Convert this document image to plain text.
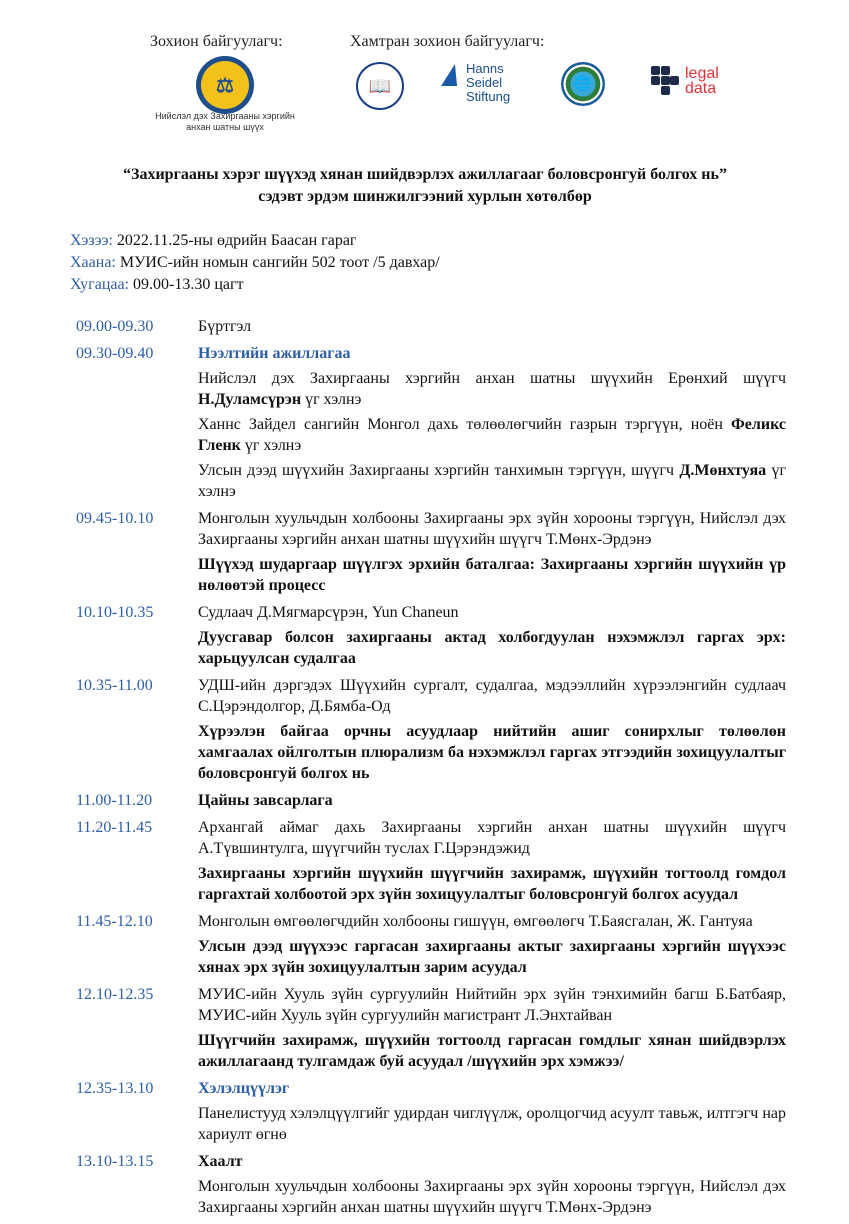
Зохион байгуулагч:	Хамтран зохион байгуулагч:
⚖
Нийслэл дэх Захиргааны хэргийн анхан шатны шүүх
📖
Hanns
Seidel
Stiftung
🌐
legal
data
“Захиргааны хэрэг шүүхэд хянан шийдвэрлэх ажиллагааг боловсронгуй болгох нь”
сэдэвт эрдэм шинжилгээний хурлын хөтөлбөр
Хэзээ: 2022.11.25-ны өдрийн Баасан гараг
Хаана: МУИС-ийн номын сангийн 502 тоот /5 давхар/
Хугацаа: 09.00-13.30 цагт
09.00-09.30	Бүртгэл

09.30-09.40	Нээлтийн ажиллагаа

Нийслэл дэх Захиргааны хэргийн анхан шатны шүүхийн Ерөнхий шүүгч Н.Дуламсүрэн үг хэлнэ

Ханнс Зайдел сангийн Монгол дахь төлөөлөгчийн газрын тэргүүн, ноён Феликс Гленк үг хэлнэ

Улсын дээд шүүхийн Захиргааны хэргийн танхимын тэргүүн, шүүгч Д.Мөнхтуяа үг хэлнэ

09.45-10.10	Монголын хуульчдын холбооны Захиргааны эрх зүйн хорооны тэргүүн, Нийслэл дэх Захиргааны хэргийн анхан шатны шүүхийн шүүгч Т.Мөнх-Эрдэнэ

Шүүхэд шударгаар шүүлгэх эрхийн баталгаа: Захиргааны хэргийн шүүхийн үр нөлөөтэй процесс

10.10-10.35	Судлаач Д.Мягмарсүрэн, Yun Chaneun

Дуусгавар болсон захиргааны актад холбогдуулан нэхэмжлэл гаргах эрх: харьцуулсан судалгаа

10.35-11.00	УДШ-ийн дэргэдэх Шүүхийн сургалт, судалгаа, мэдээллийн хүрээлэнгийн судлаач С.Цэрэндолгор, Д.Бямба-Од

Хүрээлэн байгаа орчны асуудлаар нийтийн ашиг сонирхлыг төлөөлөн хамгаалах ойлголтын плюрализм ба нэхэмжлэл гаргах этгээдийн зохицуулалтыг боловсронгуй болгох нь

11.00-11.20	Цайны завсарлага

11.20-11.45	Архангай аймаг дахь Захиргааны хэргийн анхан шатны шүүхийн шүүгч А.Түвшинтулга, шүүгчийн туслах Г.Цэрэндэжид

Захиргааны хэргийн шүүхийн шүүгчийн захирамж, шүүхийн тогтоолд гомдол гаргахтай холбоотой эрх зүйн зохицуулалтыг боловсронгуй болгох асуудал

11.45-12.10	Монголын өмгөөлөгчдийн холбооны гишүүн, өмгөөлөгч Т.Баясгалан, Ж. Гантуяа

Улсын дээд шүүхээс гаргасан захиргааны актыг захиргааны хэргийн шүүхээс хянах эрх зүйн зохицуулалтын зарим асуудал

12.10-12.35	МУИС-ийн Хууль зүйн сургуулийн Нийтийн эрх зүйн тэнхимийн багш Б.Батбаяр, МУИС-ийн Хууль зүйн сургуулийн магистрант Л.Энхтайван

Шүүгчийн захирамж, шүүхийн тогтоолд гаргасан гомдлыг хянан шийдвэрлэх ажиллагаанд тулгамдаж буй асуудал /шүүхийн эрх хэмжээ/

12.35-13.10	Хэлэлцүүлэг

Панелистууд хэлэлцүүлгийг удирдан чиглүүлж, оролцогчид асуулт тавьж, илтгэгч нар хариулт өгнө

13.10-13.15	Хаалт

Монголын хуульчдын холбооны Захиргааны эрх зүйн хорооны тэргүүн, Нийслэл дэх Захиргааны хэргийн анхан шатны шүүхийн шүүгч Т.Мөнх-Эрдэнэ
